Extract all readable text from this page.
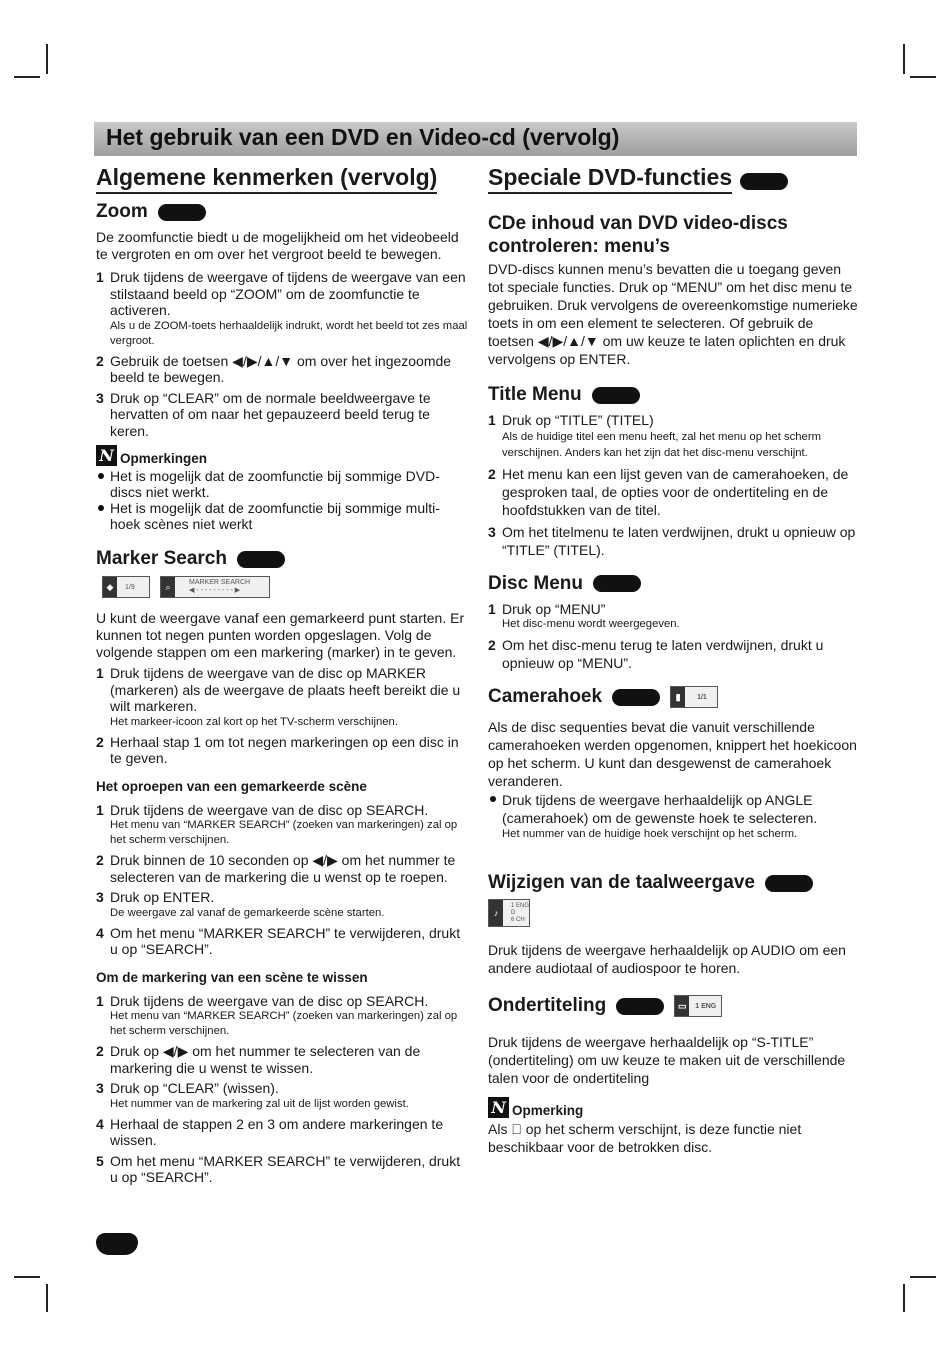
Het gebruik van een DVD en Video-cd (vervolg)
Algemene kenmerken (vervolg)
Zoom

De zoomfunctie biedt u de mogelijkheid om het videobeeld te vergroten en om over het vergroot beeld te bewegen.

1 Druk tijdens de weergave of tijdens de weergave van een stilstaand beeld op “ZOOM” om de zoomfunctie te activeren.
Als u de ZOOM-toets herhaaldelijk indrukt, wordt het beeld tot zes maal vergroot.
2 Gebruik de toetsen ◀/▶/▲/▼ om over het ingezoomde beeld te bewegen.
3 Druk op “CLEAR” om de normale beeldweergave te hervatten of om naar het gepauzeerd beeld terug te keren.
N Opmerkingen
Het is mogelijk dat de zoomfunctie bij sommige DVD-discs niet werkt.
Het is mogelijk dat de zoomfunctie bij sommige multi-hoek scènes niet werkt
Marker Search
◆	1/9	⌕	MARKER SEARCH
◀ - - - - - - - - - ▶

U kunt de weergave vanaf een gemarkeerd punt starten. Er kunnen tot negen punten worden opgeslagen. Volg de volgende stappen om een markering (marker) in te geven.

1 Druk tijdens de weergave van de disc op MARKER (markeren) als de weergave de plaats heeft bereikt die u wilt markeren.
Het markeer-icoon zal kort op het TV-scherm verschijnen.
2 Herhaal stap 1 om tot negen markeringen op een disc in te geven.
Het oproepen van een gemarkeerde scène
1 Druk tijdens de weergave van de disc op SEARCH.
Het menu van “MARKER SEARCH” (zoeken van markeringen) zal op het scherm verschijnen.
2 Druk binnen de 10 seconden op ◀/▶ om het nummer te selecteren van de markering die u wenst op te roepen.
3 Druk op ENTER.
De weergave zal vanaf de gemarkeerde scène starten.
4 Om het menu “MARKER SEARCH” te verwijderen, drukt u op “SEARCH”.
Om de markering van een scène te wissen
1 Druk tijdens de weergave van de disc op SEARCH.
Het menu van “MARKER SEARCH” (zoeken van markeringen) zal op het scherm verschijnen.
2 Druk op ◀/▶ om het nummer te selecteren van de markering die u wenst te wissen.
3 Druk op “CLEAR” (wissen).
Het nummer van de markering zal uit de lijst worden gewist.
4 Herhaal de stappen 2 en 3 om andere markeringen te wissen.
5 Om het menu “MARKER SEARCH” te verwijderen, drukt u op “SEARCH”.
Speciale DVD-functies
CDe inhoud van DVD video-discs controleren: menu’s

DVD-discs kunnen menu’s bevatten die u toegang geven tot speciale functies. Druk op “MENU” om het disc menu te gebruiken. Druk vervolgens de overeenkomstige numerieke toets in om een element te selecteren. Of gebruik de toetsen ◀/▶/▲/▼ om uw keuze te laten oplichten en druk vervolgens op ENTER.

Title Menu
1 Druk op “TITLE” (TITEL)
Als de huidige titel een menu heeft, zal het menu op het scherm verschijnen. Anders kan het zijn dat het disc-menu verschijnt.
2 Het menu kan een lijst geven van de camerahoeken, de gesproken taal, de opties voor de ondertiteling en de hoofdstukken van de titel.
3 Om het titelmenu te laten verdwijnen, drukt u opnieuw op “TITLE” (TITEL).
Disc Menu
1 Druk op “MENU”
Het disc-menu wordt weergegeven.
2 Om het disc-menu terug te laten verdwijnen, drukt u opnieuw op “MENU”.
Camerahoek	▮	1/1

Als de disc sequenties bevat die vanuit verschillende camerahoeken werden opgenomen, knippert het hoekicoon op het scherm. U kunt dan desgewenst de camerahoek veranderen.

Druk tijdens de weergave herhaaldelijk op ANGLE (camerahoek) om de gewenste hoek te selecteren.
Het nummer van de huidige hoek verschijnt op het scherm.
Wijzigen van de taalweergave
♪
1 ENG
D
6 CH

Druk tijdens de weergave herhaaldelijk op AUDIO om een andere audiotaal of audiospoor te horen.

Ondertiteling	▭	1 ENG

Druk tijdens de weergave herhaaldelijk op “S-TITLE” (ondertiteling) om uw keuze te maken uit de verschillende talen voor de ondertiteling

N Opmerking

Als op het scherm verschijnt, is deze functie niet beschikbaar voor de betrokken disc.
